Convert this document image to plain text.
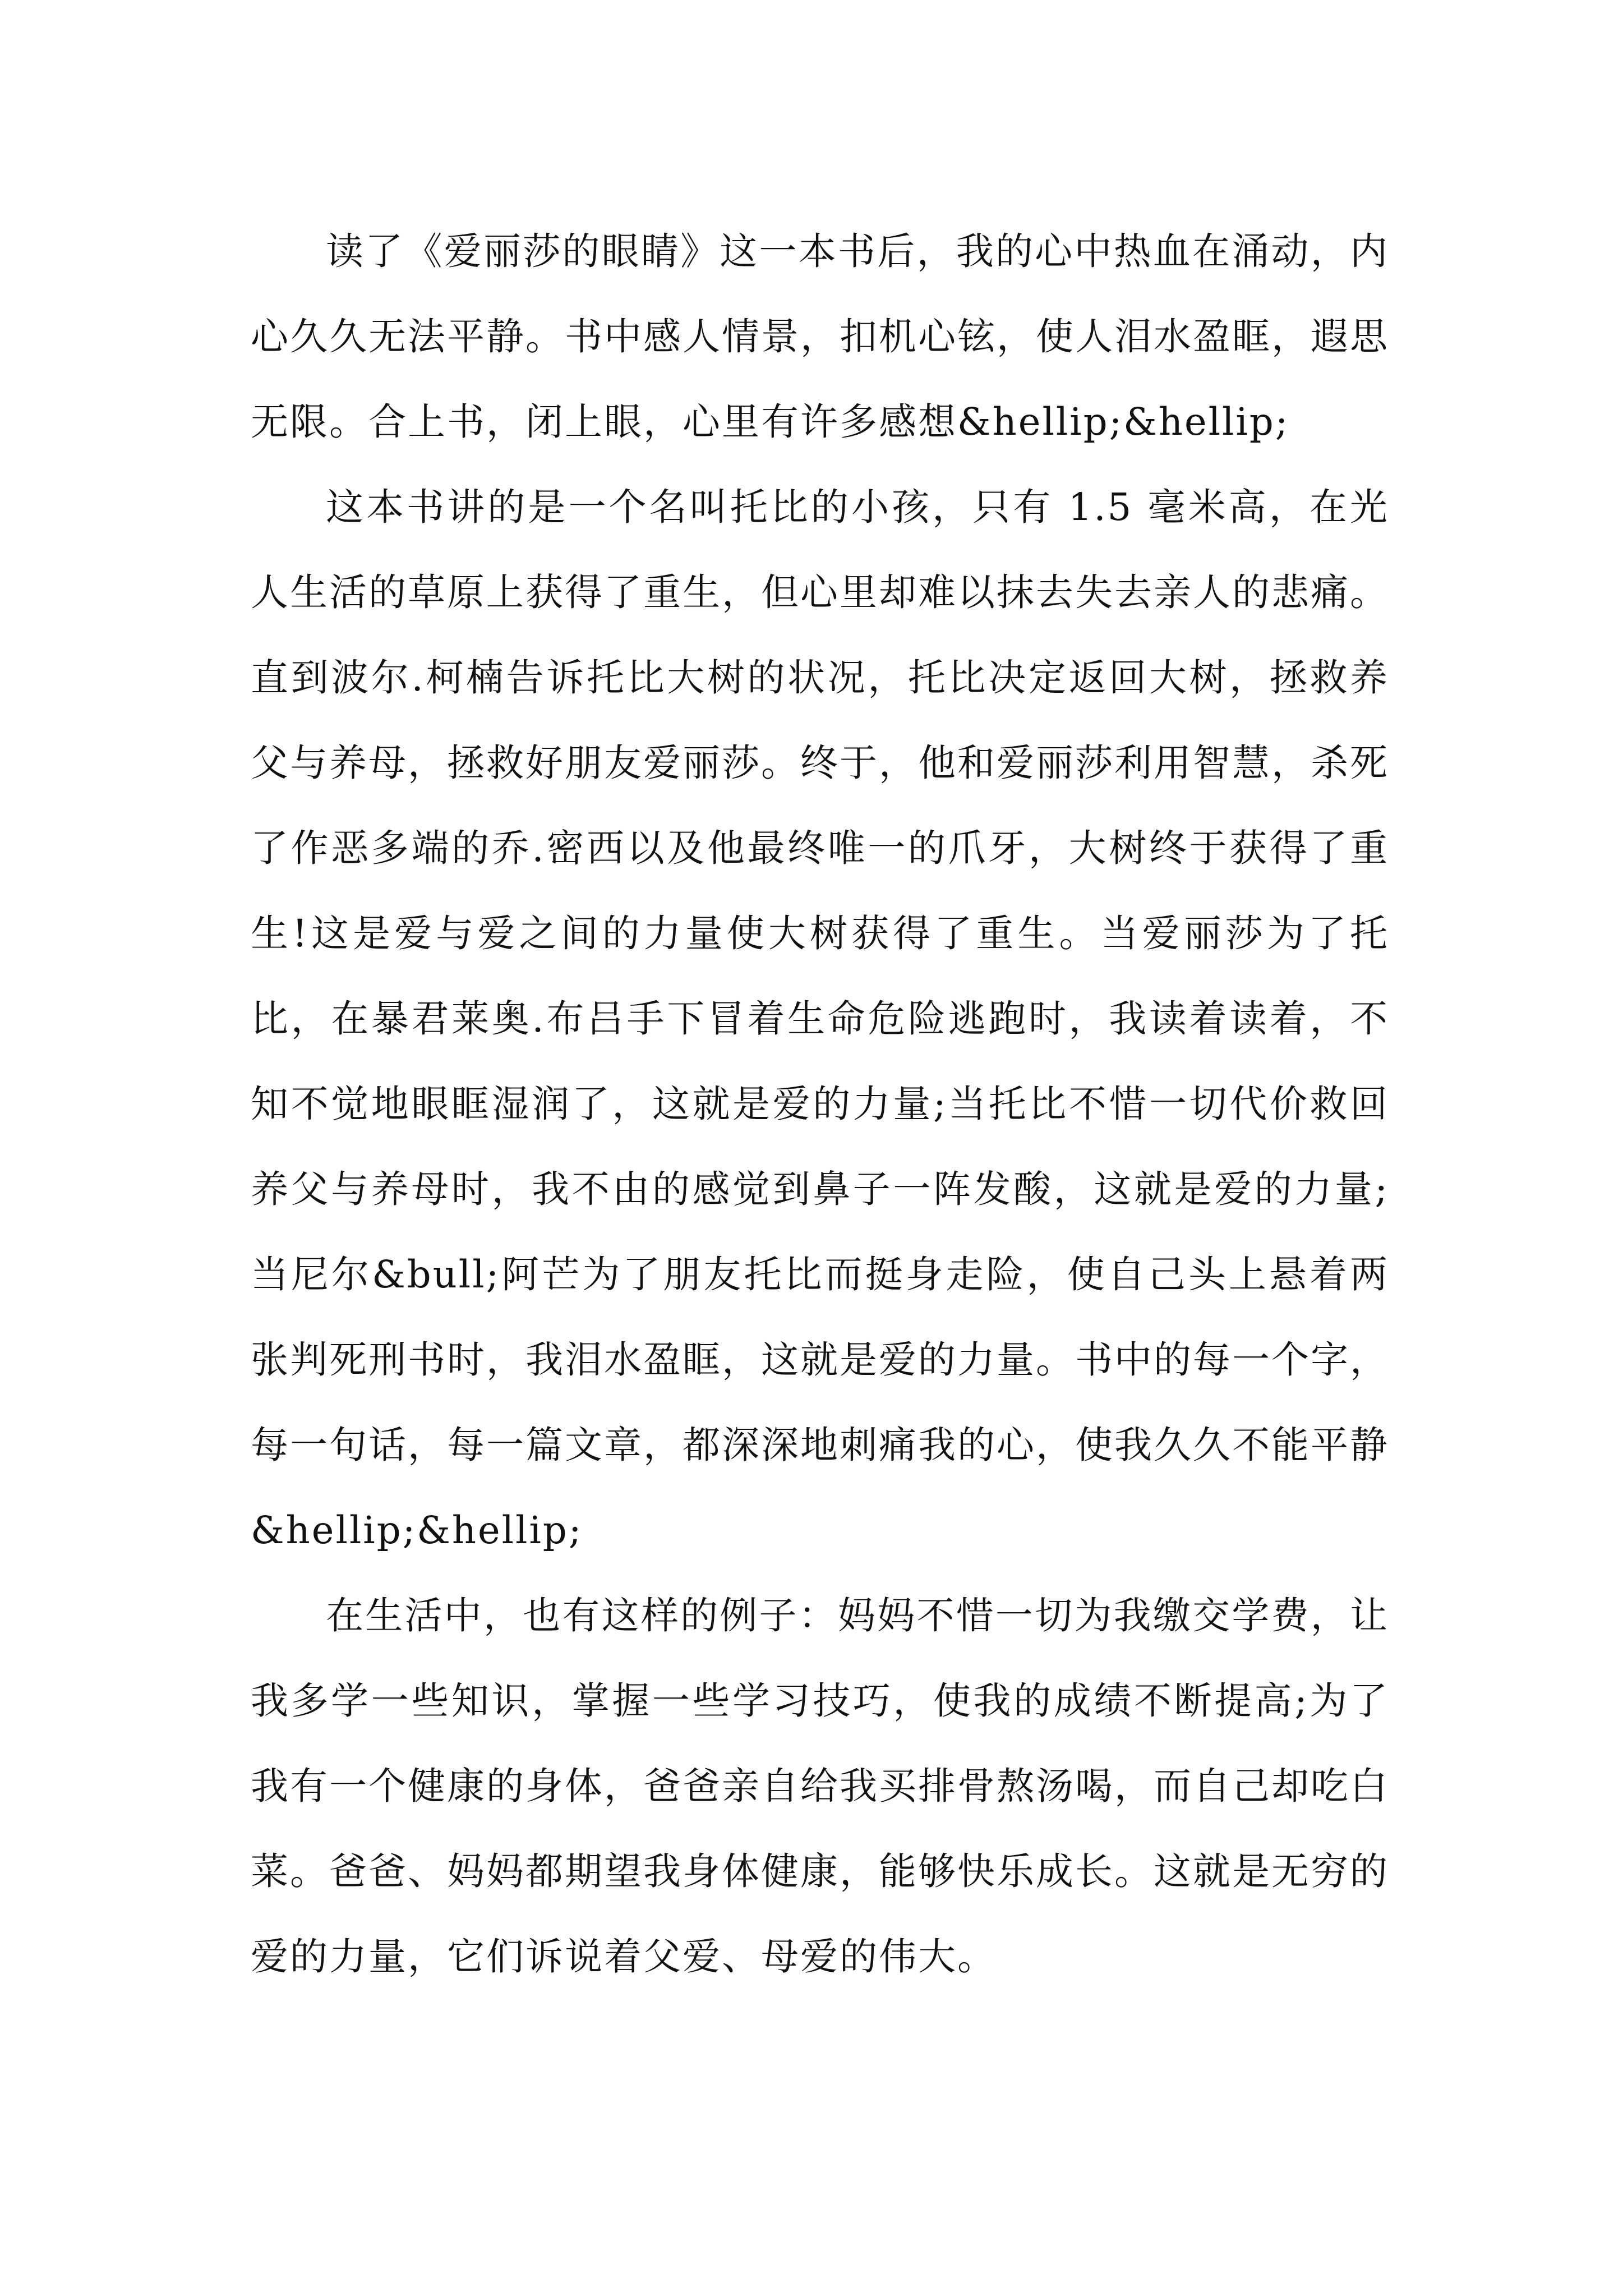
读了《爱丽莎的眼睛》这一本书后，我的心中热血在涌动，内心久久无法平静。书中感人情景，扣机心铉，使人泪水盈眶，遐思无限。合上书，闭上眼，心里有许多感想&hellip;&hellip;

这本书讲的是一个名叫托比的小孩，只有 1.5 毫米高，在光人生活的草原上获得了重生，但心里却难以抹去失去亲人的悲痛。直到波尔.柯楠告诉托比大树的状况，托比决定返回大树，拯救养父与养母，拯救好朋友爱丽莎。终于，他和爱丽莎利用智慧，杀死了作恶多端的乔.密西以及他最终唯一的爪牙，大树终于获得了重生!这是爱与爱之间的力量使大树获得了重生。当爱丽莎为了托比，在暴君莱奥.布吕手下冒着生命危险逃跑时，我读着读着，不知不觉地眼眶湿润了，这就是爱的力量;当托比不惜一切代价救回养父与养母时，我不由的感觉到鼻子一阵发酸，这就是爱的力量;当尼尔&bull;阿芒为了朋友托比而挺身走险，使自己头上悬着两张判死刑书时，我泪水盈眶，这就是爱的力量。书中的每一个字，每一句话，每一篇文章，都深深地刺痛我的心，使我久久不能平静&hellip;&hellip;

在生活中，也有这样的例子：妈妈不惜一切为我缴交学费，让我多学一些知识，掌握一些学习技巧，使我的成绩不断提高;为了我有一个健康的身体，爸爸亲自给我买排骨熬汤喝，而自己却吃白菜。爸爸、妈妈都期望我身体健康，能够快乐成长。这就是无穷的爱的力量，它们诉说着父爱、母爱的伟大。
